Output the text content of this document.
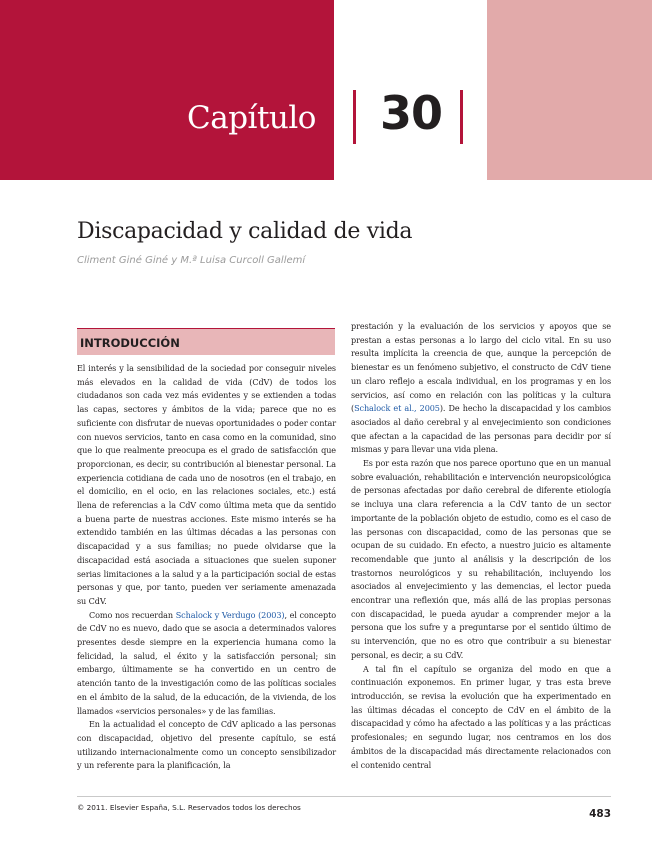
Capítulo 30
Discapacidad y calidad de vida
Climent Giné Giné y M.ª Luisa Curcoll Gallemí
INTRODUCCIÓN

El interés y la sensibilidad de la sociedad por conseguir niveles más elevados en la calidad de vida (CdV) de todos los ciudadanos son cada vez más evidentes y se extienden a todas las capas, sectores y ámbitos de la vida; parece que no es suficiente con disfrutar de nuevas oportunidades o poder contar con nuevos servicios, tanto en casa como en la comunidad, sino que lo que realmente preocupa es el grado de satisfacción que proporcionan, es decir, su contribución al bienestar personal. La experiencia cotidiana de cada uno de nosotros (en el trabajo, en el domicilio, en el ocio, en las relaciones sociales, etc.) está llena de referencias a la CdV como última meta que da sentido a buena parte de nuestras acciones. Este mismo interés se ha extendido también en las últimas décadas a las personas con discapacidad y a sus familias; no puede olvidarse que la discapacidad está asociada a situaciones que suelen suponer serias limitaciones a la salud y a la participación social de estas personas y que, por tanto, pueden ver seriamente amenazada su CdV.

Como nos recuerdan Schalock y Verdugo (2003), el concepto de CdV no es nuevo, dado que se asocia a determinados valores presentes desde siempre en la experiencia humana como la felicidad, la salud, el éxito y la satisfacción personal; sin embargo, últimamente se ha convertido en un centro de atención tanto de la investigación como de las políticas sociales en el ámbito de la salud, de la educación, de la vivienda, de los llamados «servicios personales» y de las familias.

En la actualidad el concepto de CdV aplicado a las personas con discapacidad, objetivo del presente capítulo, se está utilizando internacionalmente como un concepto sensibilizador y un referente para la planificación, la

prestación y la evaluación de los servicios y apoyos que se prestan a estas personas a lo largo del ciclo vital. En su uso resulta implícita la creencia de que, aunque la percepción de bienestar es un fenómeno subjetivo, el constructo de CdV tiene un claro reflejo a escala individual, en los programas y en los servicios, así como en relación con las políticas y la cultura (Schalock et al., 2005). De hecho la discapacidad y los cambios asociados al daño cerebral y al envejecimiento son condiciones que afectan a la capacidad de las personas para decidir por sí mismas y para llevar una vida plena.

Es por esta razón que nos parece oportuno que en un manual sobre evaluación, rehabilitación e intervención neuropsicológica de personas afectadas por daño cerebral de diferente etiología se incluya una clara referencia a la CdV tanto de un sector importante de la población objeto de estudio, como es el caso de las personas con discapacidad, como de las personas que se ocupan de su cuidado. En efecto, a nuestro juicio es altamente recomendable que junto al análisis y la descripción de los trastornos neurológicos y su rehabilitación, incluyendo los asociados al envejecimiento y las demencias, el lector pueda encontrar una reflexión que, más allá de las propias personas con discapacidad, le pueda ayudar a comprender mejor a la persona que los sufre y a preguntarse por el sentido último de su intervención, que no es otro que contribuir a su bienestar personal, es decir, a su CdV.

A tal fin el capítulo se organiza del modo en que a continuación exponemos. En primer lugar, y tras esta breve introducción, se revisa la evolución que ha experimentado en las últimas décadas el concepto de CdV en el ámbito de la discapacidad y cómo ha afectado a las políticas y a las prácticas profesionales; en segundo lugar, nos centramos en los dos ámbitos de la discapacidad más directamente relacionados con el contenido central

© 2011. Elsevier España, S.L. Reservados todos los derechos
483
